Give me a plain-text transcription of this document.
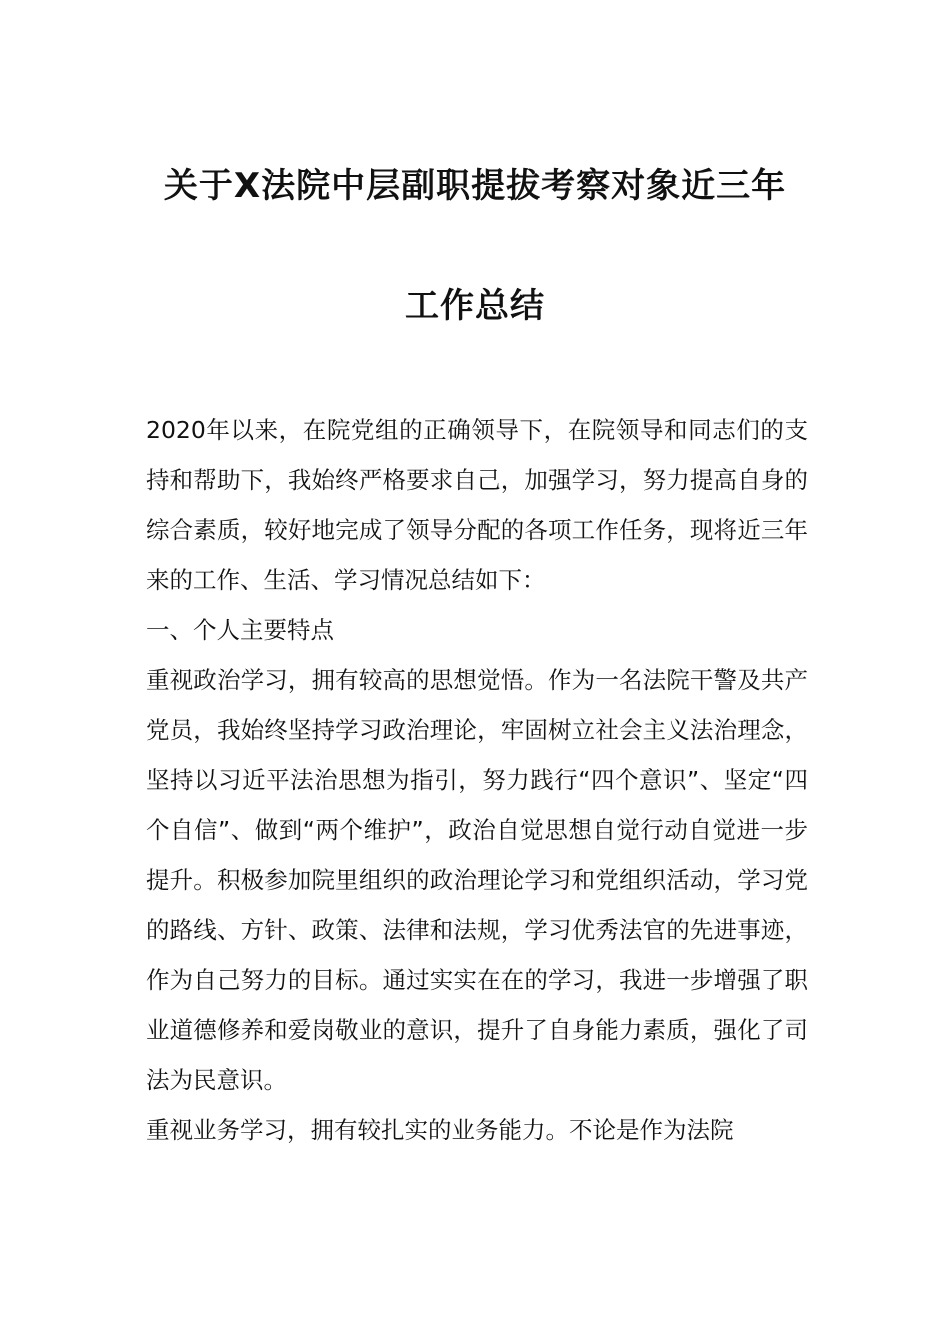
关于X法院中层副职提拔考察对象近三年
工作总结

2020年以来，在院党组的正确领导下，在院领导和同志们的支持和帮助下，我始终严格要求自己，加强学习，努力提高自身的综合素质，较好地完成了领导分配的各项工作任务，现将近三年来的工作、生活、学习情况总结如下：

一、个人主要特点

重视政治学习，拥有较高的思想觉悟。作为一名法院干警及共产党员，我始终坚持学习政治理论，牢固树立社会主义法治理念，坚持以习近平法治思想为指引，努力践行“四个意识”、坚定“四个自信”、做到“两个维护”，政治自觉思想自觉行动自觉进一步提升。积极参加院里组织的政治理论学习和党组织活动，学习党的路线、方针、政策、法律和法规，学习优秀法官的先进事迹，作为自己努力的目标。通过实实在在的学习，我进一步增强了职业道德修养和爱岗敬业的意识，提升了自身能力素质，强化了司法为民意识。

重视业务学习，拥有较扎实的业务能力。不论是作为法院
